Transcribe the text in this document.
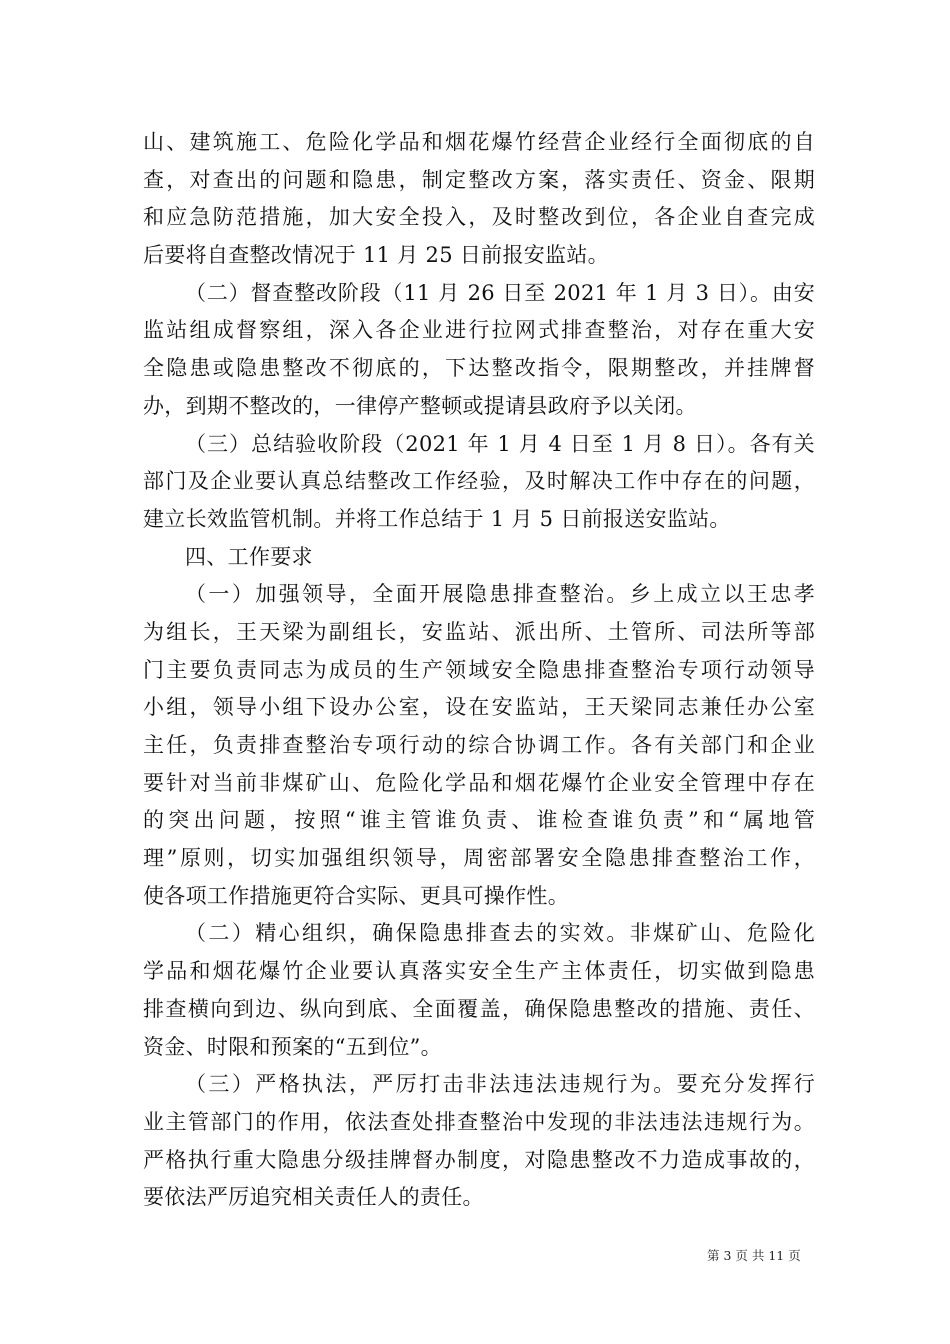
山、建筑施工、危险化学品和烟花爆竹经营企业经行全面彻底的自
查，对查出的问题和隐患，制定整改方案，落实责任、资金、限期
和应急防范措施，加大安全投入，及时整改到位，各企业自查完成
后要将自查整改情况于 11 月 25 日前报安监站。
（二）督查整改阶段（11 月 26 日至 2021 年 1 月 3 日）。由安
监站组成督察组，深入各企业进行拉网式排查整治，对存在重大安
全隐患或隐患整改不彻底的，下达整改指令，限期整改，并挂牌督
办，到期不整改的，一律停产整顿或提请县政府予以关闭。
（三）总结验收阶段（2021 年 1 月 4 日至 1 月 8 日）。各有关
部门及企业要认真总结整改工作经验，及时解决工作中存在的问题，
建立长效监管机制。并将工作总结于 1 月 5 日前报送安监站。
四、工作要求
（一）加强领导，全面开展隐患排查整治。乡上成立以王忠孝
为组长，王天梁为副组长，安监站、派出所、土管所、司法所等部
门主要负责同志为成员的生产领域安全隐患排查整治专项行动领导
小组，领导小组下设办公室，设在安监站，王天梁同志兼任办公室
主任，负责排查整治专项行动的综合协调工作。各有关部门和企业
要针对当前非煤矿山、危险化学品和烟花爆竹企业安全管理中存在
的突出问题，按照“谁主管谁负责、谁检查谁负责”和“属地管
理”原则，切实加强组织领导，周密部署安全隐患排查整治工作，
使各项工作措施更符合实际、更具可操作性。
（二）精心组织，确保隐患排查去的实效。非煤矿山、危险化
学品和烟花爆竹企业要认真落实安全生产主体责任，切实做到隐患
排查横向到边、纵向到底、全面覆盖，确保隐患整改的措施、责任、
资金、时限和预案的“五到位”。
（三）严格执法，严厉打击非法违法违规行为。要充分发挥行
业主管部门的作用，依法查处排查整治中发现的非法违法违规行为。
严格执行重大隐患分级挂牌督办制度，对隐患整改不力造成事故的，
要依法严厉追究相关责任人的责任。
第 3 页 共 11 页
